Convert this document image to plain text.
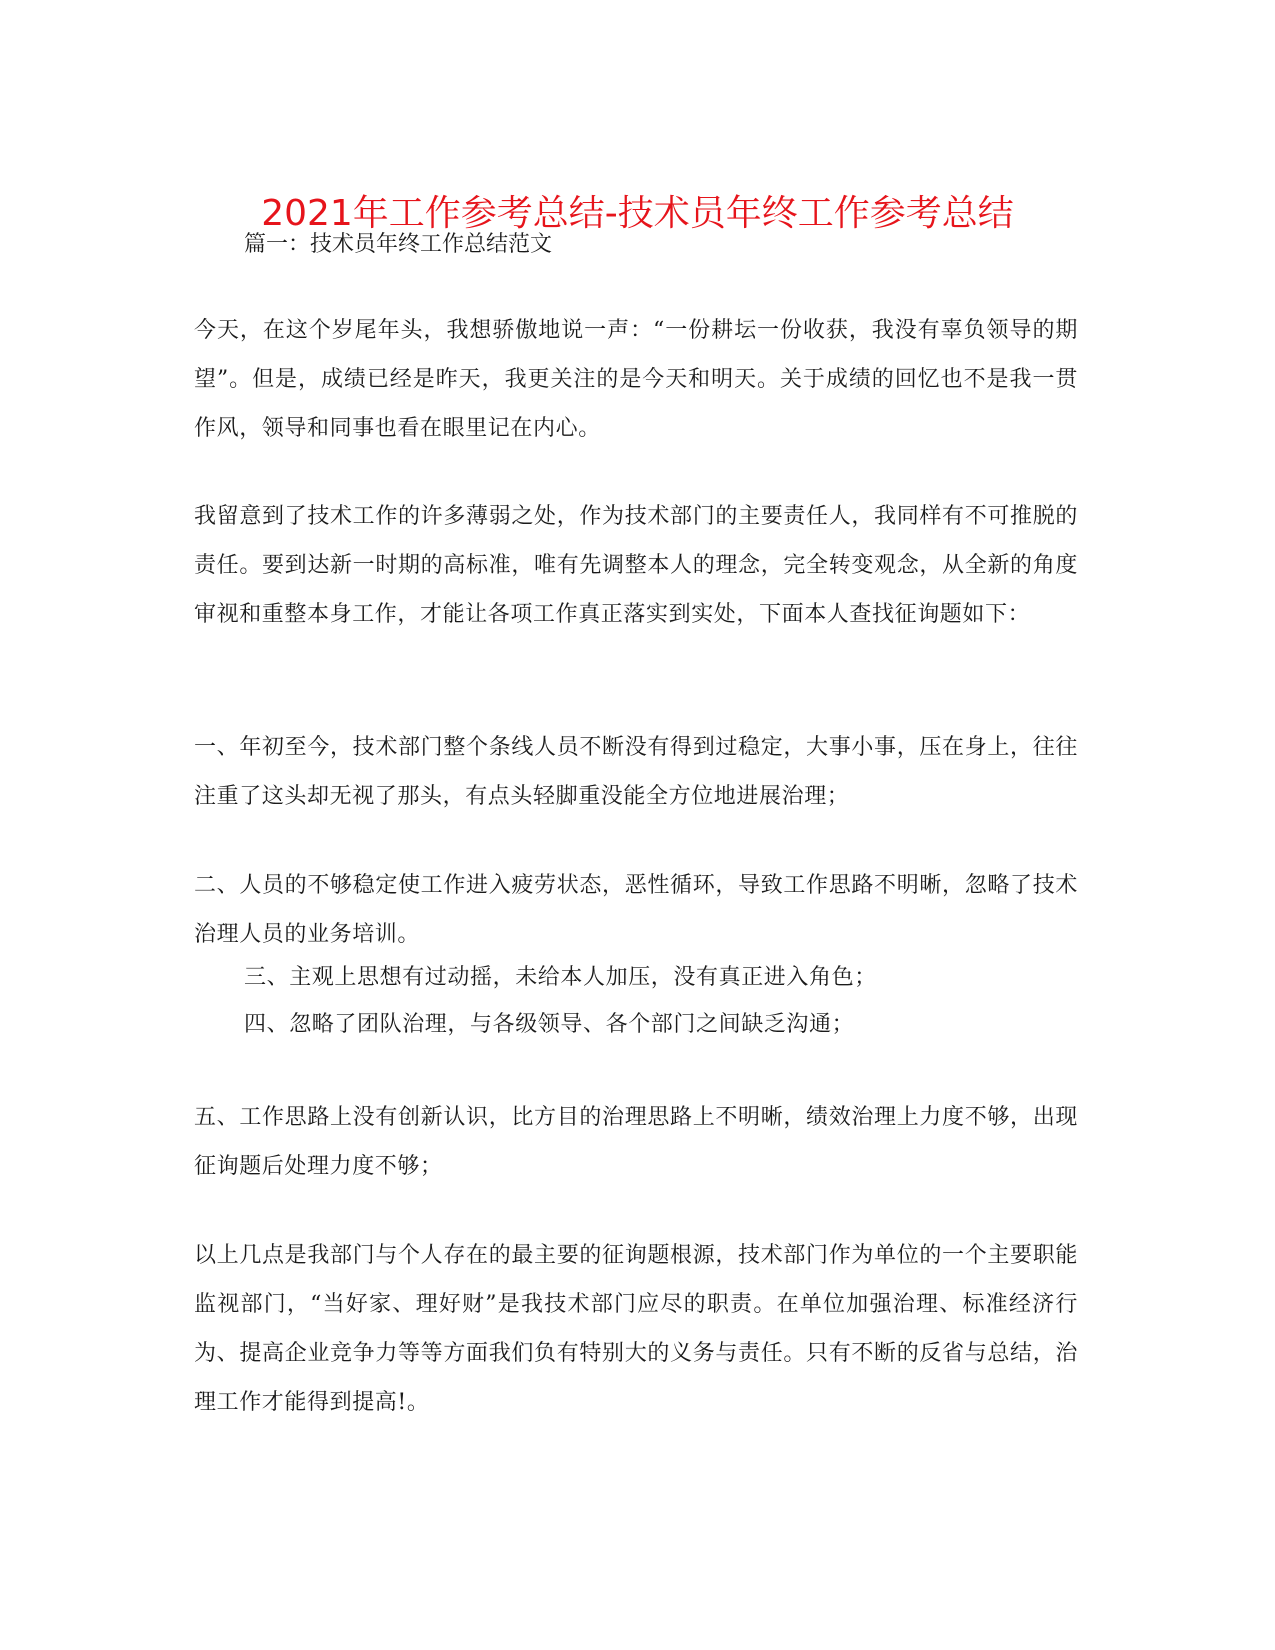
2021年工作参考总结-技术员年终工作参考总结
篇一：技术员年终工作总结范文

今天，在这个岁尾年头，我想骄傲地说一声：“一份耕坛一份收获，我没有辜负领导的期望”。但是，成绩已经是昨天，我更关注的是今天和明天。关于成绩的回忆也不是我一贯作风，领导和同事也看在眼里记在内心。

我留意到了技术工作的许多薄弱之处，作为技术部门的主要责任人，我同样有不可推脱的责任。要到达新一时期的高标准，唯有先调整本人的理念，完全转变观念，从全新的角度审视和重整本身工作，才能让各项工作真正落实到实处，下面本人查找征询题如下：

一、年初至今，技术部门整个条线人员不断没有得到过稳定，大事小事，压在身上，往往注重了这头却无视了那头，有点头轻脚重没能全方位地进展治理；

二、人员的不够稳定使工作进入疲劳状态，恶性循环，导致工作思路不明晰，忽略了技术治理人员的业务培训。

三、主观上思想有过动摇，未给本人加压，没有真正进入角色；

四、忽略了团队治理，与各级领导、各个部门之间缺乏沟通；

五、工作思路上没有创新认识，比方目的治理思路上不明晰，绩效治理上力度不够，出现征询题后处理力度不够；

以上几点是我部门与个人存在的最主要的征询题根源，技术部门作为单位的一个主要职能监视部门，“当好家、理好财”是我技术部门应尽的职责。在单位加强治理、标准经济行为、提高企业竞争力等等方面我们负有特别大的义务与责任。只有不断的反省与总结，治理工作才能得到提高!。
